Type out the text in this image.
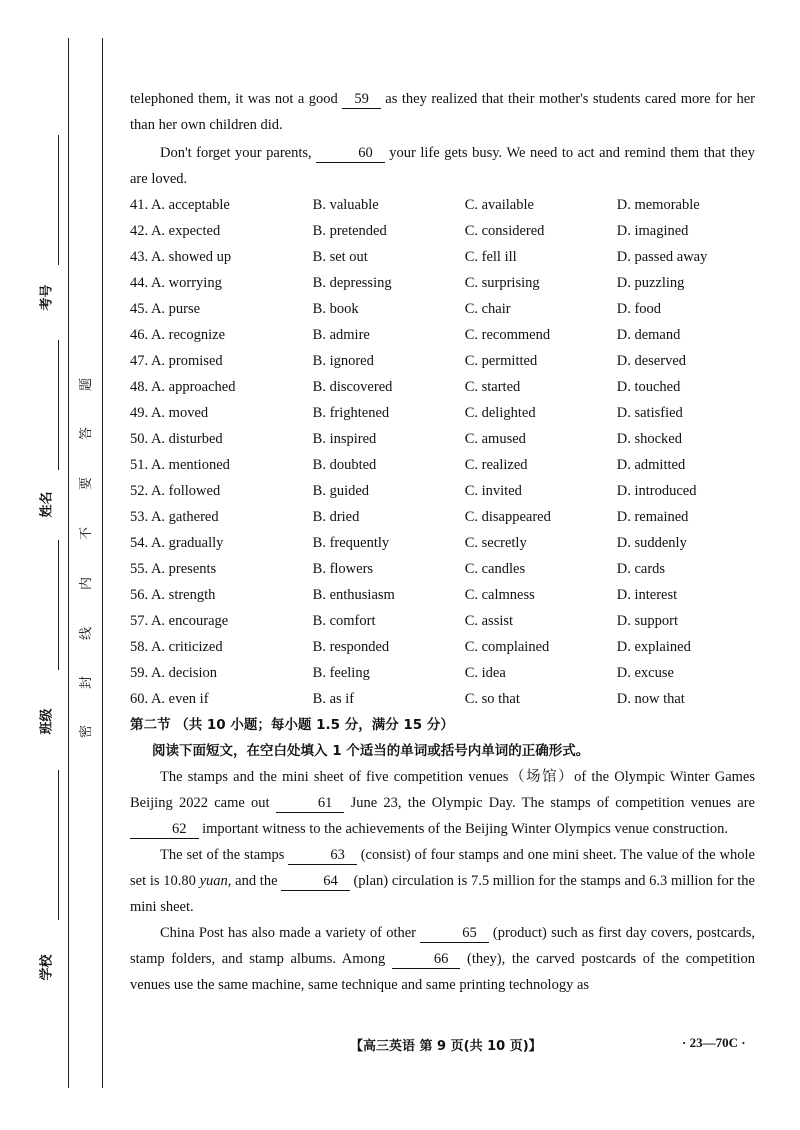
考号
姓名
班级
学校
题
答
要
不
内
线
封
密

telephoned them, it was not a good 59 as they realized that their mother's students cared more for her than her own children did.

Don't forget your parents,	60 your life gets busy. We need to act and remind them that they are loved.

41. A. acceptable	B. valuable	C. available	D. memorable
42. A. expected	B. pretended	C. considered	D. imagined
43. A. showed up	B. set out	C. fell ill	D. passed away
44. A. worrying	B. depressing	C. surprising	D. puzzling
45. A. purse	B. book	C. chair	D. food
46. A. recognize	B. admire	C. recommend	D. demand
47. A. promised	B. ignored	C. permitted	D. deserved
48. A. approached	B. discovered	C. started	D. touched
49. A. moved	B. frightened	C. delighted	D. satisfied
50. A. disturbed	B. inspired	C. amused	D. shocked
51. A. mentioned	B. doubted	C. realized	D. admitted
52. A. followed	B. guided	C. invited	D. introduced
53. A. gathered	B. dried	C. disappeared	D. remained
54. A. gradually	B. frequently	C. secretly	D. suddenly
55. A. presents	B. flowers	C. candles	D. cards
56. A. strength	B. enthusiasm	C. calmness	D. interest
57. A. encourage	B. comfort	C. assist	D. support
58. A. criticized	B. responded	C. complained	D. explained
59. A. decision	B. feeling	C. idea	D. excuse
60. A. even if	B. as if	C. so that	D. now that
第二节 （共 10 小题；每小题 1.5 分，满分 15 分）
阅读下面短文，在空白处填入 1 个适当的单词或括号内单词的正确形式。

The stamps and the mini sheet of five competition venues（场馆）of the Olympic Winter Games Beijing 2022 came out	61 June 23, the Olympic Day. The stamps of competition venues are 62 important witness to the achievements of the Beijing Winter Olympics venue construction.

The set of the stamps	63 (consist) of four stamps and one mini sheet. The value of the whole set is 10.80 yuan, and the	64 (plan) circulation is 7.5 million for the stamps and 6.3 million for the mini sheet.

China Post has also made a variety of other	65 (product) such as first day covers, postcards, stamp folders, and stamp albums. Among	66 (they), the carved postcards of the competition venues use the same machine, same technique and same printing technology as

【高三英语 第 9 页(共 10 页)】	· 23—70C ·
